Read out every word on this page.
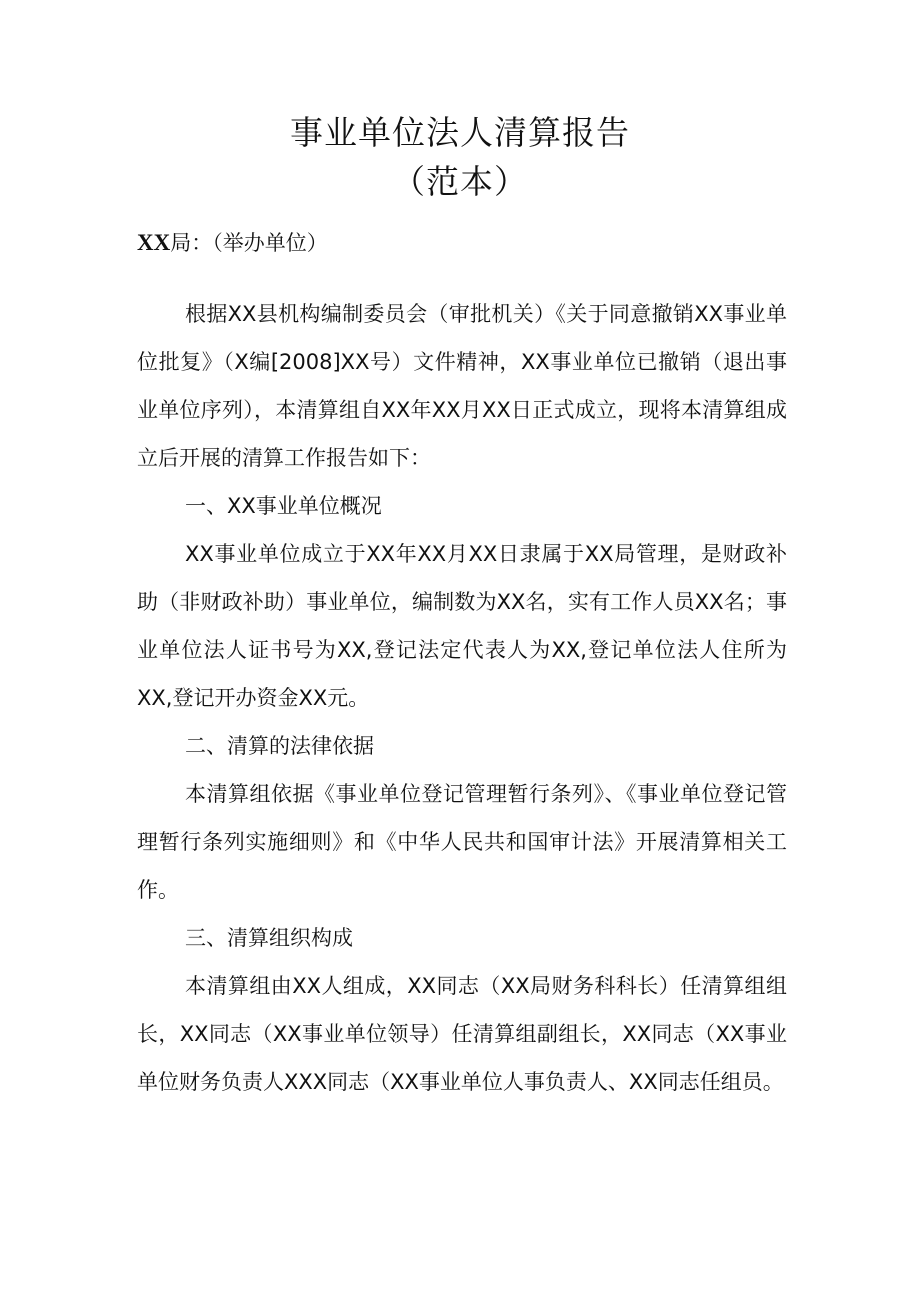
事业单位法人清算报告
（范本）
XX局：（举办单位）

根据XX县机构编制委员会（审批机关）《关于同意撤销XX事业单位批复》（X编[2008]XX号）文件精神，XX事业单位已撤销（退出事业单位序列），本清算组自XX年XX月XX日正式成立，现将本清算组成立后开展的清算工作报告如下：

一、XX事业单位概况

XX事业单位成立于XX年XX月XX日隶属于XX局管理，是财政补助（非财政补助）事业单位，编制数为XX名，实有工作人员XX名；事业单位法人证书号为XX,登记法定代表人为XX,登记单位法人住所为XX,登记开办资金XX元。

二、清算的法律依据

本清算组依据《事业单位登记管理暂行条列》、《事业单位登记管理暂行条列实施细则》和《中华人民共和国审计法》开展清算相关工作。

三、清算组织构成

本清算组由XX人组成，XX同志（XX局财务科科长）任清算组组长，XX同志（XX事业单位领导）任清算组副组长，XX同志（XX事业单位财务负责人XXX同志（XX事业单位人事负责人、XX同志任组员。
